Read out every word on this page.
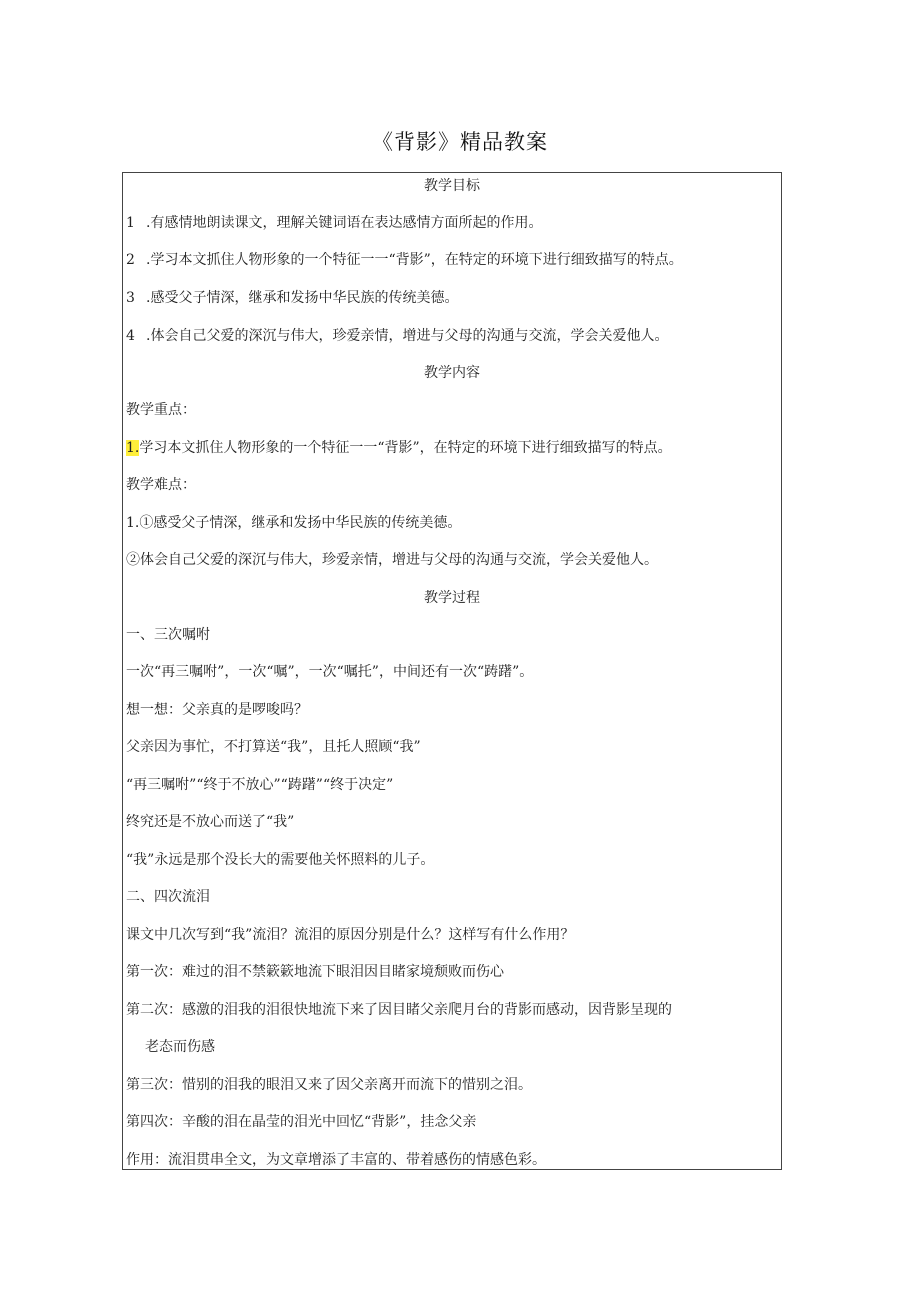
《背影》精品教案
教学目标
1 .有感情地朗读课文，理解关键词语在表达感情方面所起的作用。
2 .学习本文抓住人物形象的一个特征一一“背影”，在特定的环境下进行细致描写的特点。
3 .感受父子情深，继承和发扬中华民族的传统美德。
4 .体会自己父爱的深沉与伟大，珍爱亲情，增进与父母的沟通与交流，学会关爱他人。
教学内容
教学重点：
1.学习本文抓住人物形象的一个特征一一“背影”，在特定的环境下进行细致描写的特点。
教学难点：
1.①感受父子情深，继承和发扬中华民族的传统美德。
②体会自己父爱的深沉与伟大，珍爱亲情，增进与父母的沟通与交流，学会关爱他人。
教学过程
一、三次嘱咐
一次“再三嘱咐”，一次“嘱”，一次“嘱托”，中间还有一次“踌躇”。
想一想：父亲真的是啰唆吗？
父亲因为事忙，不打算送“我”，且托人照顾“我”
“再三嘱咐”“终于不放心”“踌躇”“终于决定”
终究还是不放心而送了“我”
“我”永远是那个没长大的需要他关怀照料的儿子。
二、四次流泪
课文中几次写到“我”流泪？流泪的原因分别是什么？这样写有什么作用？
第一次：难过的泪不禁簌簌地流下眼泪因目睹家境颓败而伤心
第二次：感激的泪我的泪很快地流下来了因目睹父亲爬月台的背影而感动，因背影呈现的
老态而伤感
第三次：惜别的泪我的眼泪又来了因父亲离开而流下的惜别之泪。
第四次：辛酸的泪在晶莹的泪光中回忆“背影”，挂念父亲
作用：流泪贯串全文，为文章增添了丰富的、带着感伤的情感色彩。
